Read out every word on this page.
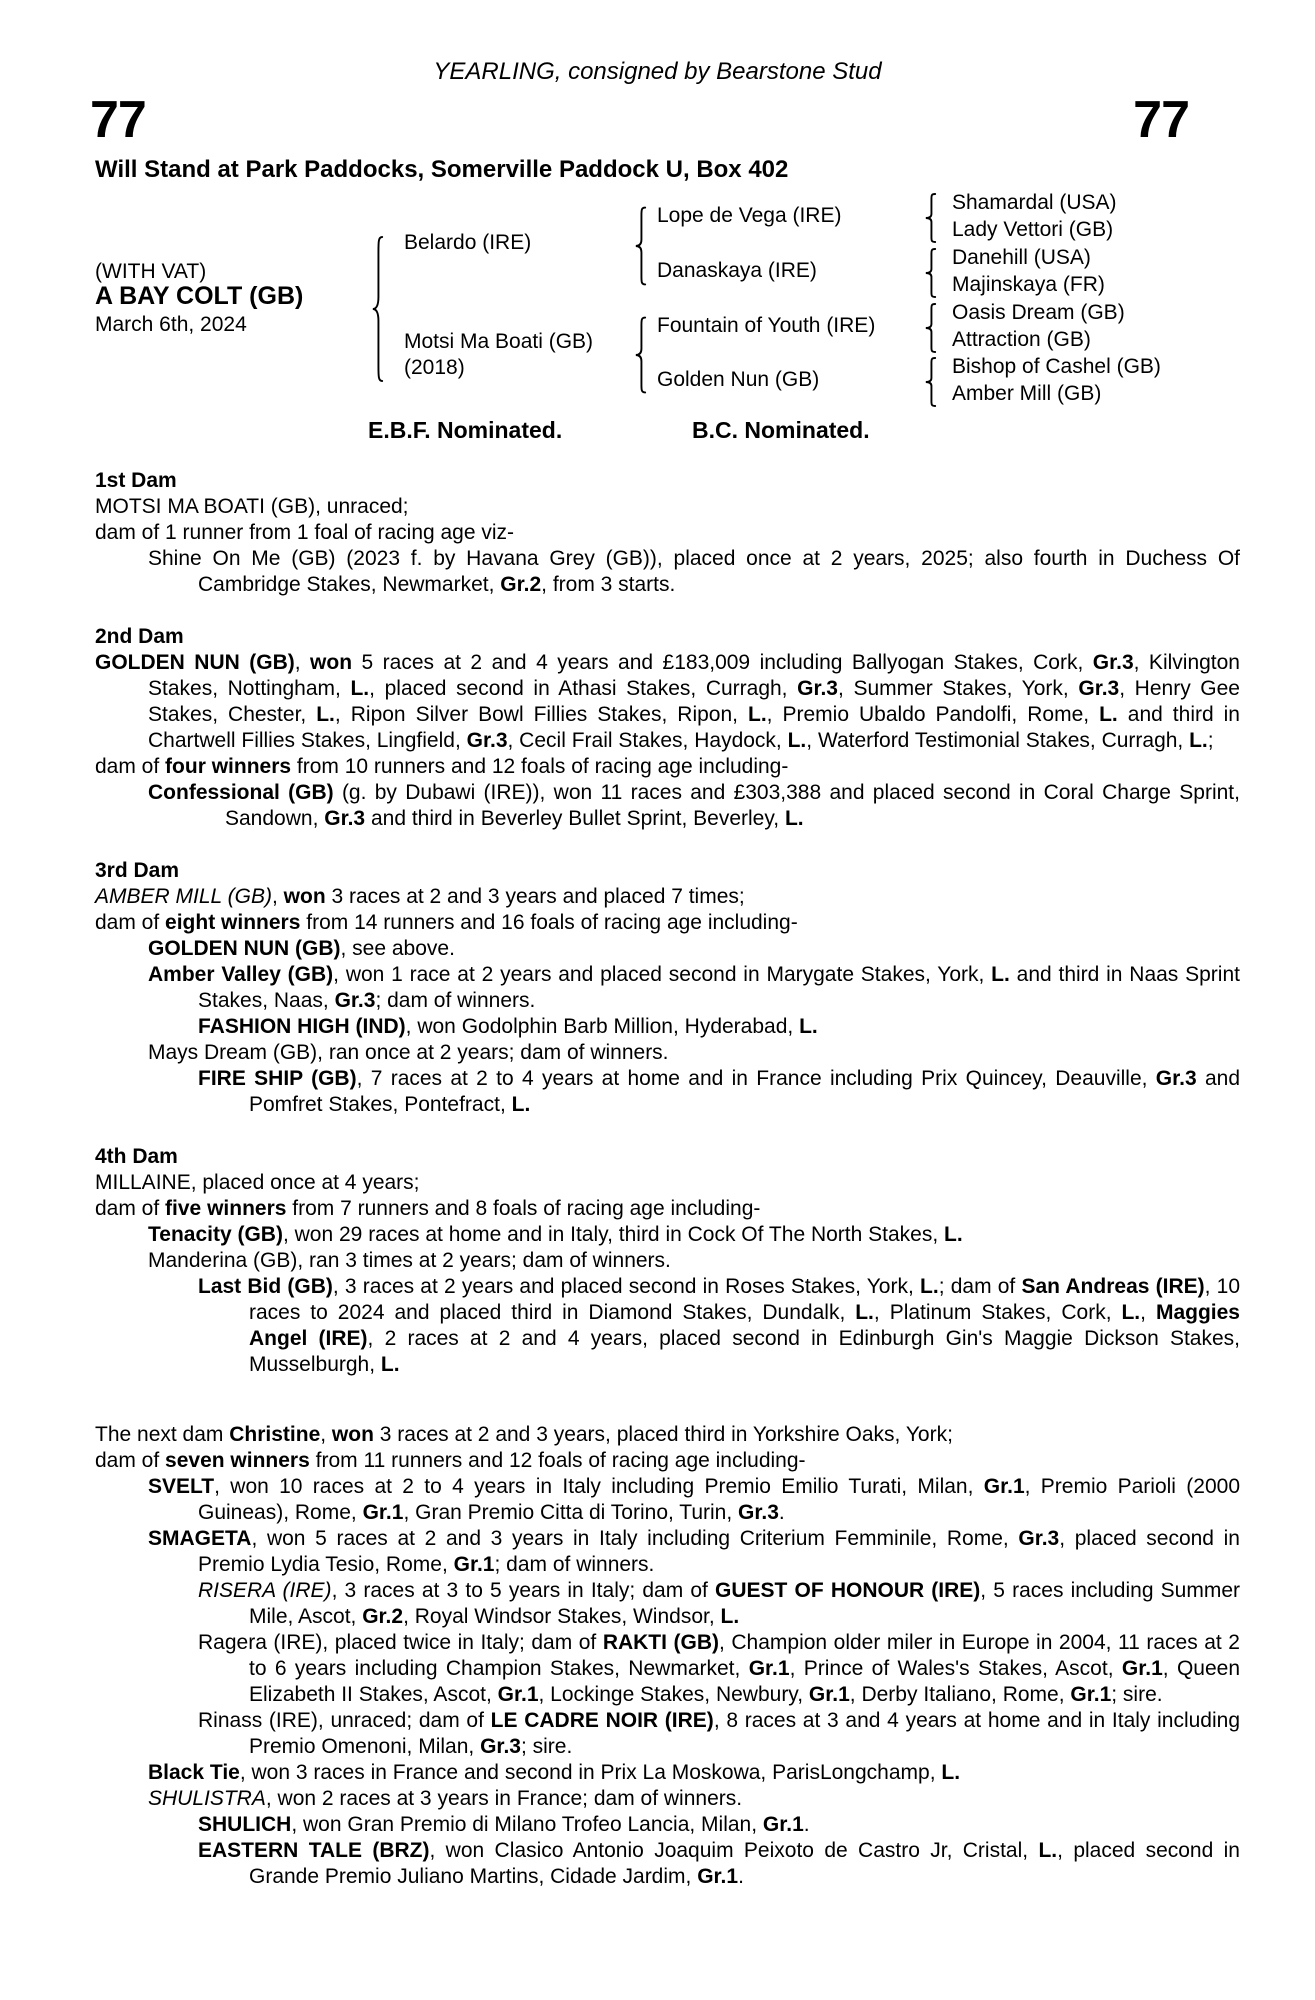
YEARLING, consigned by Bearstone Stud
77	77
Will Stand at Park Paddocks, Somerville Paddock U, Box 402
(WITH VAT)
A BAY COLT (GB)
March 6th, 2024
Belardo (IRE)
Motsi Ma Boati (GB)
(2018)
Lope de Vega (IRE)
Danaskaya (IRE)
Fountain of Youth (IRE)
Golden Nun (GB)
Shamardal (USA)
Lady Vettori (GB)
Danehill (USA)
Majinskaya (FR)
Oasis Dream (GB)
Attraction (GB)
Bishop of Cashel (GB)
Amber Mill (GB)
E.B.F. Nominated.	B.C. Nominated.
1st Dam
MOTSI MA BOATI (GB), unraced;
dam of 1 runner from 1 foal of racing age viz-
Shine On Me (GB) (2023 f. by Havana Grey (GB)), placed once at 2 years, 2025; also fourth in Duchess Of Cambridge Stakes, Newmarket, Gr.2, from 3 starts.
2nd Dam
GOLDEN NUN (GB), won 5 races at 2 and 4 years and £183,009 including Ballyogan Stakes, Cork, Gr.3, Kilvington Stakes, Nottingham, L., placed second in Athasi Stakes, Curragh, Gr.3, Summer Stakes, York, Gr.3, Henry Gee Stakes, Chester, L., Ripon Silver Bowl Fillies Stakes, Ripon, L., Premio Ubaldo Pandolfi, Rome, L. and third in Chartwell Fillies Stakes, Lingfield, Gr.3, Cecil Frail Stakes, Haydock, L., Waterford Testimonial Stakes, Curragh, L.;
dam of four winners from 10 runners and 12 foals of racing age including-
Confessional (GB) (g. by Dubawi (IRE)), won 11 races and £303,388 and placed second in Coral Charge Sprint, Sandown, Gr.3 and third in Beverley Bullet Sprint, Beverley, L.
3rd Dam
AMBER MILL (GB), won 3 races at 2 and 3 years and placed 7 times;
dam of eight winners from 14 runners and 16 foals of racing age including-
GOLDEN NUN (GB), see above.
Amber Valley (GB), won 1 race at 2 years and placed second in Marygate Stakes, York, L. and third in Naas Sprint Stakes, Naas, Gr.3; dam of winners.
FASHION HIGH (IND), won Godolphin Barb Million, Hyderabad, L.
Mays Dream (GB), ran once at 2 years; dam of winners.
FIRE SHIP (GB), 7 races at 2 to 4 years at home and in France including Prix Quincey, Deauville, Gr.3 and Pomfret Stakes, Pontefract, L.
4th Dam
MILLAINE, placed once at 4 years;
dam of five winners from 7 runners and 8 foals of racing age including-
Tenacity (GB), won 29 races at home and in Italy, third in Cock Of The North Stakes, L.
Manderina (GB), ran 3 times at 2 years; dam of winners.
Last Bid (GB), 3 races at 2 years and placed second in Roses Stakes, York, L.; dam of San Andreas (IRE), 10 races to 2024 and placed third in Diamond Stakes, Dundalk, L., Platinum Stakes, Cork, L., Maggies Angel (IRE), 2 races at 2 and 4 years, placed second in Edinburgh Gin's Maggie Dickson Stakes, Musselburgh, L.
The next dam Christine, won 3 races at 2 and 3 years, placed third in Yorkshire Oaks, York;
dam of seven winners from 11 runners and 12 foals of racing age including-
SVELT, won 10 races at 2 to 4 years in Italy including Premio Emilio Turati, Milan, Gr.1, Premio Parioli (2000 Guineas), Rome, Gr.1, Gran Premio Citta di Torino, Turin, Gr.3.
SMAGETA, won 5 races at 2 and 3 years in Italy including Criterium Femminile, Rome, Gr.3, placed second in Premio Lydia Tesio, Rome, Gr.1; dam of winners.
RISERA (IRE), 3 races at 3 to 5 years in Italy; dam of GUEST OF HONOUR (IRE), 5 races including Summer Mile, Ascot, Gr.2, Royal Windsor Stakes, Windsor, L.
Ragera (IRE), placed twice in Italy; dam of RAKTI (GB), Champion older miler in Europe in 2004, 11 races at 2 to 6 years including Champion Stakes, Newmarket, Gr.1, Prince of Wales's Stakes, Ascot, Gr.1, Queen Elizabeth II Stakes, Ascot, Gr.1, Lockinge Stakes, Newbury, Gr.1, Derby Italiano, Rome, Gr.1; sire.
Rinass (IRE), unraced; dam of LE CADRE NOIR (IRE), 8 races at 3 and 4 years at home and in Italy including Premio Omenoni, Milan, Gr.3; sire.
Black Tie, won 3 races in France and second in Prix La Moskowa, ParisLongchamp, L.
SHULISTRA, won 2 races at 3 years in France; dam of winners.
SHULICH, won Gran Premio di Milano Trofeo Lancia, Milan, Gr.1.
EASTERN TALE (BRZ), won Clasico Antonio Joaquim Peixoto de Castro Jr, Cristal, L., placed second in Grande Premio Juliano Martins, Cidade Jardim, Gr.1.
